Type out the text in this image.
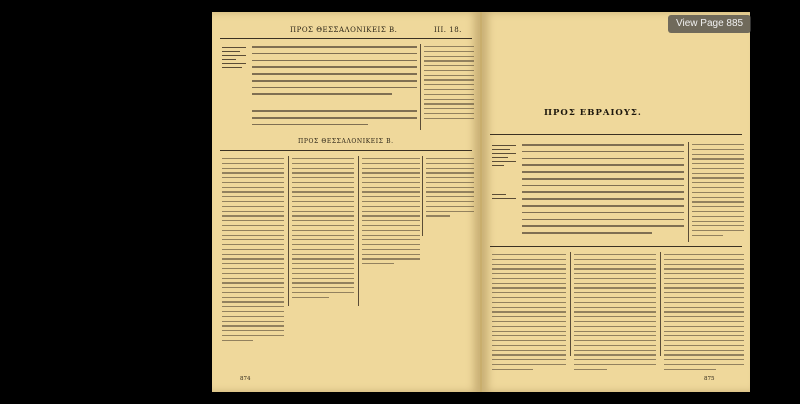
ΠΡΟΣ ΘΕΣΣΑΛΟΝΙΚΕΙΣ Β.	III. 18.
ΠΡΟΣ ΘΕΣΣΑΛΟΝΙΚΕΙΣ Β.
874
ΠΡΟΣ ΕΒΡΑΙΟΥΣ.
875
View Page 885
